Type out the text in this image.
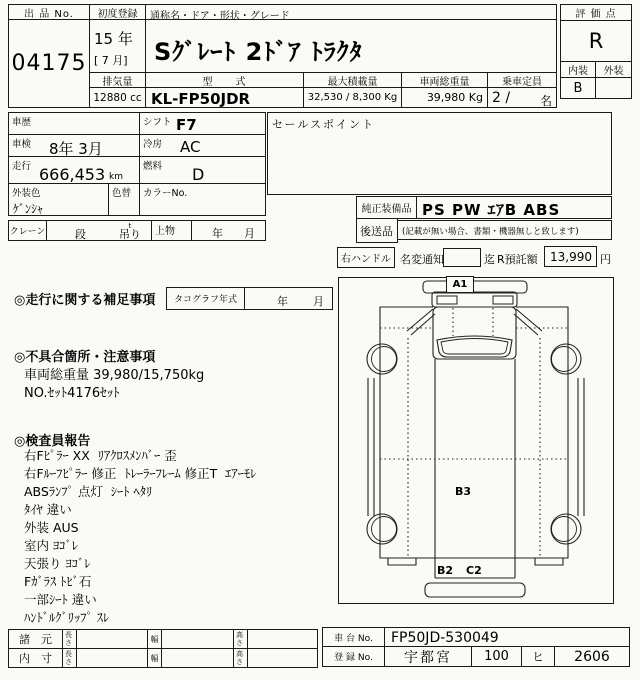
出 品 No.
04175
初度登録
15 年
[ 7 月]
通称名・ドア・形状・グレード
Sｸﾞﾚｰﾄ 2ﾄﾞｱ ﾄﾗｸﾀ
排気量
12880 cc
型　　式
KL-FP50JDR
最大積載量
32,530 / 8,300 Kg
車両総重量
39,980 Kg
乗車定員
2 / 名
評 価 点
R
内装	外装
B
車歴	シフト F7
車検 8年 3月	冷房 AC
走行 666,453 km
燃料 D
外装色
ｹﾞﾝｼｬ
色替 カラーNo.
クレーン	段
t
吊り 上物	年 月
セールスポイント
純正装備品 PS PW ｴｱB ABS
後送品 (記載が無い場合、書類・機器無しと致します)
右ハンドル 名変通知	迄 R預託額	13,990 円
◎走行に関する補足事項	タコグラフ年式	年 月
◎不具合箇所・注意事項
車両総重量 39,980/15,750kg
NO.ｾｯﾄ4176ｾｯﾄ
◎検査員報告
右Fﾋﾟﾗｰ XX  ﾘｱｸﾛｽﾒﾝﾊﾞｰ 歪
右Fﾙｰﾌﾋﾟﾗｰ 修正  ﾄﾚｰﾗｰﾌﾚｰﾑ 修正T  ｴｱｰﾓﾚ
ABSﾗﾝﾌﾟ 点灯  ｼｰﾄ ﾍﾀﾘ
ﾀｲﾔ 違い
外装 AUS
室内 ﾖｺﾞﾚ
天張り ﾖｺﾞﾚ
Fｶﾞﾗｽ ﾄﾋﾞ石
一部ｼｰﾄ 違い
ﾊﾝﾄﾞﾙｸﾞﾘｯﾌﾟ ｽﾚ
A1
B3
B2 C2
諸　元	長さ	幅	高さ
内　寸	長さ	幅	高さ
車 台 No.	FP50JD-530049
登 録 No.	宇都宮	100	ヒ	2606
